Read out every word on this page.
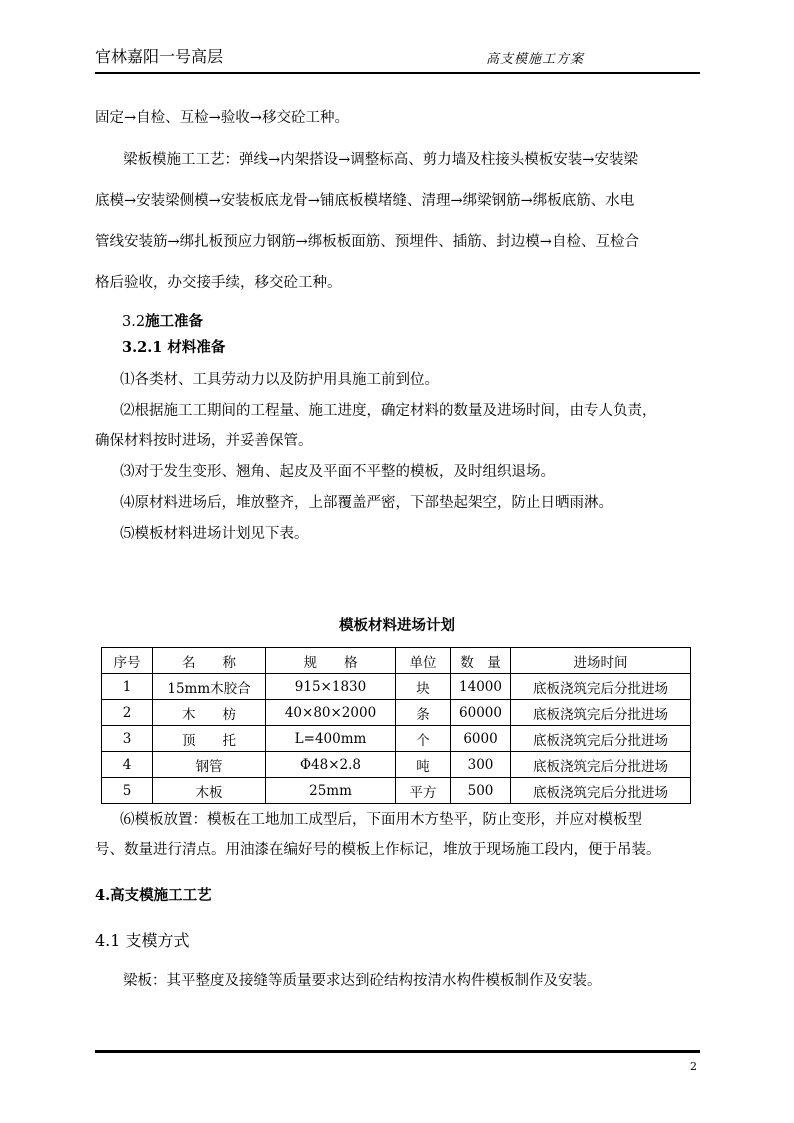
官林嘉阳一号高层	高支模施工方案
固定→自检、互检→验收→移交砼工种。
梁板模施工工艺：弹线→内架搭设→调整标高、剪力墙及柱接头模板安装→安装梁
底模→安装梁侧模→安装板底龙骨→铺底板模堵缝、清理→绑梁钢筋→绑板底筋、水电
管线安装筋→绑扎板预应力钢筋→绑板板面筋、预埋件、插筋、封边模→自检、互检合
格后验收，办交接手续，移交砼工种。
3.2施工准备
3.2.1 材料准备
⑴各类材、工具劳动力以及防护用具施工前到位。
⑵根据施工工期间的工程量、施工进度，确定材料的数量及进场时间，由专人负责，
确保材料按时进场，并妥善保管。
⑶对于发生变形、翘角、起皮及平面不平整的模板，及时组织退场。
⑷原材料进场后，堆放整齐，上部覆盖严密，下部垫起架空，防止日晒雨淋。
⑸模板材料进场计划见下表。
模板材料进场计划
序号	名　　称	规　　格	单位	数　量	进场时间
1	15mm木胶合	915×1830	块	14000	底板浇筑完后分批进场
2	木　　枋	40×80×2000	条	60000	底板浇筑完后分批进场
3	顶　　托	L=400mm	个	6000	底板浇筑完后分批进场
4	钢管	Φ48×2.8	吨	300	底板浇筑完后分批进场
5	木板	25mm	平方	500	底板浇筑完后分批进场
⑹模板放置：模板在工地加工成型后，下面用木方垫平，防止变形，并应对模板型
号、数量进行清点。用油漆在编好号的模板上作标记，堆放于现场施工段内，便于吊装。
4.高支模施工工艺
4.1 支模方式
梁板：其平整度及接缝等质量要求达到砼结构按清水构件模板制作及安装。
2
